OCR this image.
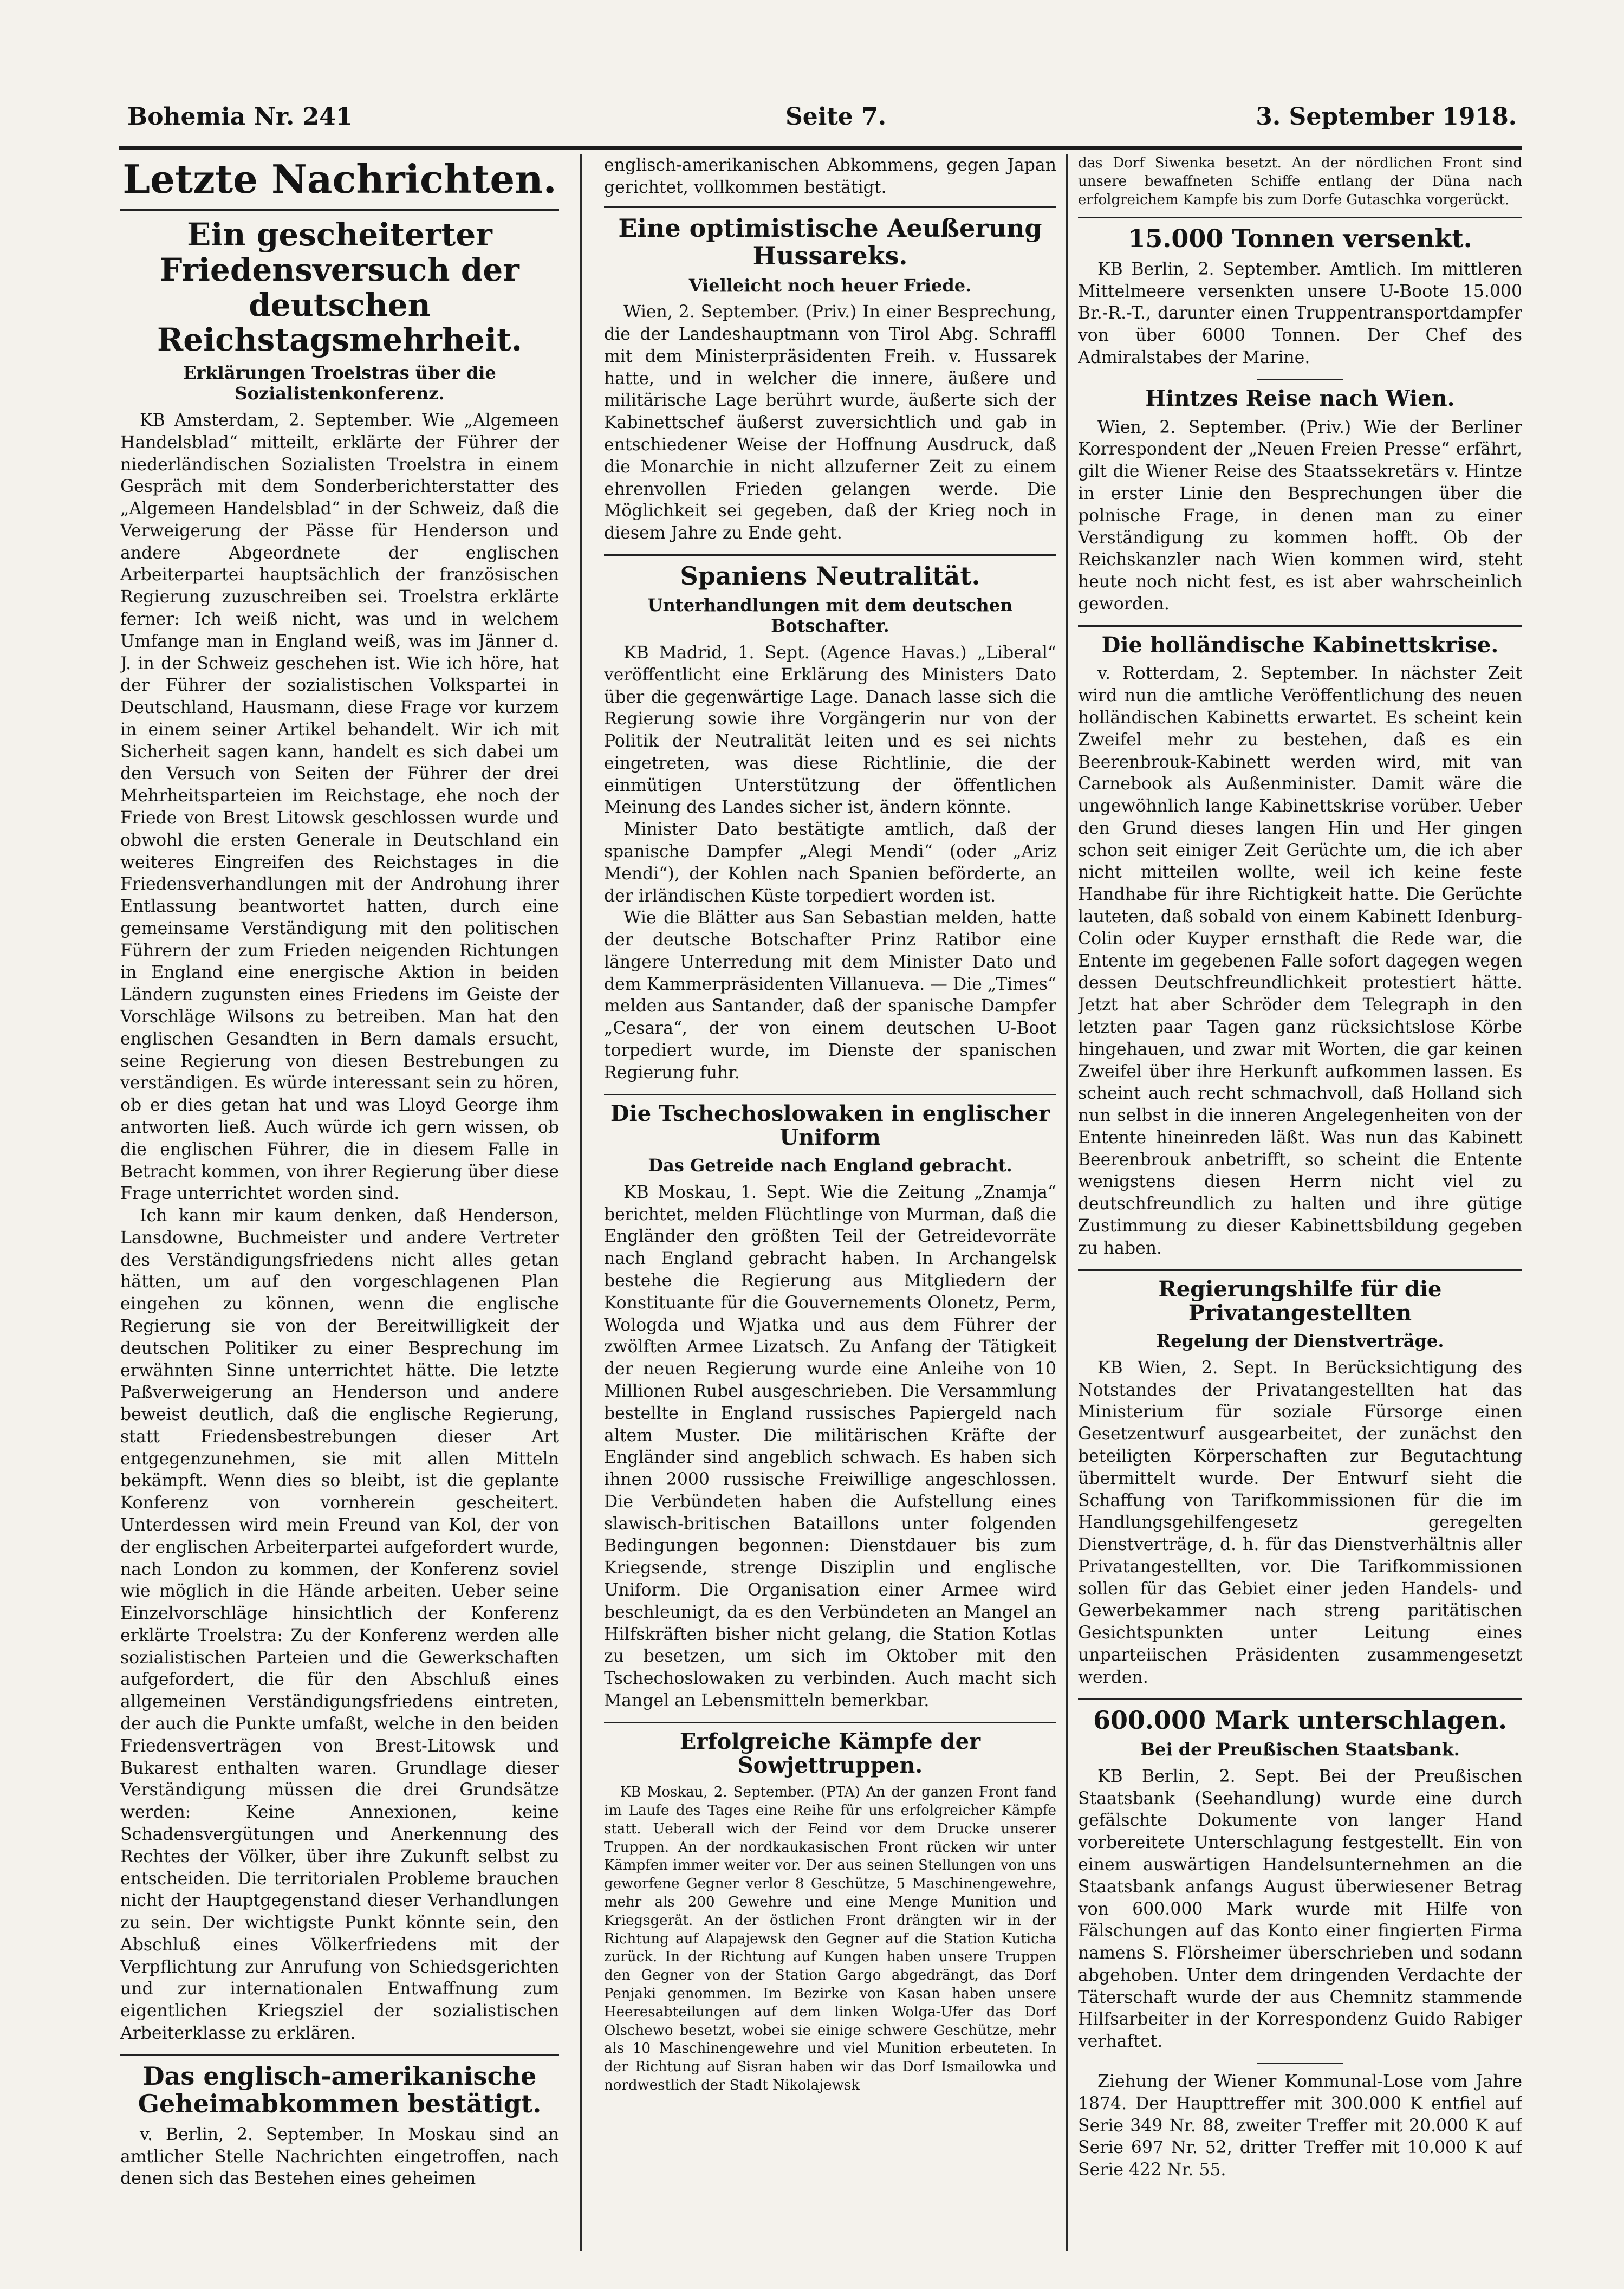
Bohemia Nr. 241	Seite 7.	3. September 1918.
Letzte Nachrichten.
Ein gescheiterter Friedensversuch der deutschen Reichstagsmehrheit.
Erklärungen Troelstras über die Sozialistenkonferenz.

KB Amsterdam, 2. September. Wie „Algemeen Handelsblad“ mitteilt, erklärte der Führer der niederländischen Sozialisten Troelstra in einem Gespräch mit dem Sonderberichterstatter des „Algemeen Handelsblad“ in der Schweiz, daß die Verweigerung der Pässe für Henderson und andere Abgeordnete der englischen Arbeiterpartei hauptsächlich der französischen Regierung zuzuschreiben sei. Troelstra erklärte ferner: Ich weiß nicht, was und in welchem Umfange man in England weiß, was im Jänner d. J. in der Schweiz geschehen ist. Wie ich höre, hat der Führer der sozialistischen Volkspartei in Deutschland, Hausmann, diese Frage vor kurzem in einem seiner Artikel behandelt. Wir ich mit Sicherheit sagen kann, handelt es sich dabei um den Versuch von Seiten der Führer der drei Mehrheitsparteien im Reichstage, ehe noch der Friede von Brest Litowsk geschlossen wurde und obwohl die ersten Generale in Deutschland ein weiteres Eingreifen des Reichstages in die Friedensverhandlungen mit der Androhung ihrer Entlassung beantwortet hatten, durch eine gemeinsame Verständigung mit den politischen Führern der zum Frieden neigenden Richtungen in England eine energische Aktion in beiden Ländern zugunsten eines Friedens im Geiste der Vorschläge Wilsons zu betreiben. Man hat den englischen Gesandten in Bern damals ersucht, seine Regierung von diesen Bestrebungen zu verständigen. Es würde interessant sein zu hören, ob er dies getan hat und was Lloyd George ihm antworten ließ. Auch würde ich gern wissen, ob die englischen Führer, die in diesem Falle in Betracht kommen, von ihrer Regierung über diese Frage unterrichtet worden sind.

Ich kann mir kaum denken, daß Henderson, Lansdowne, Buchmeister und andere Vertreter des Verständigungsfriedens nicht alles getan hätten, um auf den vorgeschlagenen Plan eingehen zu können, wenn die englische Regierung sie von der Bereitwilligkeit der deutschen Politiker zu einer Besprechung im erwähnten Sinne unterrichtet hätte. Die letzte Paßverweigerung an Henderson und andere beweist deutlich, daß die englische Regierung, statt Friedensbestrebungen dieser Art entgegenzunehmen, sie mit allen Mitteln bekämpft. Wenn dies so bleibt, ist die geplante Konferenz von vornherein gescheitert. Unterdessen wird mein Freund van Kol, der von der englischen Arbeiterpartei aufgefordert wurde, nach London zu kommen, der Konferenz soviel wie möglich in die Hände arbeiten. Ueber seine Einzelvorschläge hinsichtlich der Konferenz erklärte Troelstra: Zu der Konferenz werden alle sozialistischen Parteien und die Gewerkschaften aufgefordert, die für den Abschluß eines allgemeinen Verständigungsfriedens eintreten, der auch die Punkte umfaßt, welche in den beiden Friedensverträgen von Brest-Litowsk und Bukarest enthalten waren. Grundlage dieser Verständigung müssen die drei Grundsätze werden: Keine Annexionen, keine Schadensvergütungen und Anerkennung des Rechtes der Völker, über ihre Zukunft selbst zu entscheiden. Die territorialen Probleme brauchen nicht der Hauptgegenstand dieser Verhandlungen zu sein. Der wichtigste Punkt könnte sein, den Abschluß eines Völkerfriedens mit der Verpflichtung zur Anrufung von Schiedsgerichten und zur internationalen Entwaffnung zum eigentlichen Kriegsziel der sozialistischen Arbeiterklasse zu erklären.

Das englisch-amerikanische Geheimabkommen bestätigt.

v. Berlin, 2. September. In Moskau sind an amtlicher Stelle Nachrichten eingetroffen, nach denen sich das Bestehen eines geheimen

englisch-amerikanischen Abkommens, gegen Japan gerichtet, vollkommen bestätigt.

Eine optimistische Aeußerung Hussareks.
Vielleicht noch heuer Friede.

Wien, 2. September. (Priv.) In einer Besprechung, die der Landeshauptmann von Tirol Abg. Schraffl mit dem Ministerpräsidenten Freih. v. Hussarek hatte, und in welcher die innere, äußere und militärische Lage berührt wurde, äußerte sich der Kabinettschef äußerst zuversichtlich und gab in entschiedener Weise der Hoffnung Ausdruck, daß die Monarchie in nicht allzuferner Zeit zu einem ehrenvollen Frieden gelangen werde. Die Möglichkeit sei gegeben, daß der Krieg noch in diesem Jahre zu Ende geht.

Spaniens Neutralität.
Unterhandlungen mit dem deutschen Botschafter.

KB Madrid, 1. Sept. (Agence Havas.) „Liberal“ veröffentlicht eine Erklärung des Ministers Dato über die gegenwärtige Lage. Danach lasse sich die Regierung sowie ihre Vorgängerin nur von der Politik der Neutralität leiten und es sei nichts eingetreten, was diese Richtlinie, die der einmütigen Unterstützung der öffentlichen Meinung des Landes sicher ist, ändern könnte.

Minister Dato bestätigte amtlich, daß der spanische Dampfer „Alegi Mendi“ (oder „Ariz Mendi“), der Kohlen nach Spanien beförderte, an der irländischen Küste torpediert worden ist.

Wie die Blätter aus San Sebastian melden, hatte der deutsche Botschafter Prinz Ratibor eine längere Unterredung mit dem Minister Dato und dem Kammerpräsidenten Villanueva. — Die „Times“ melden aus Santander, daß der spanische Dampfer „Cesara“, der von einem deutschen U-Boot torpediert wurde, im Dienste der spanischen Regierung fuhr.

Die Tschechoslowaken in englischer Uniform
Das Getreide nach England gebracht.

KB Moskau, 1. Sept. Wie die Zeitung „Znamja“ berichtet, melden Flüchtlinge von Murman, daß die Engländer den größten Teil der Getreidevorräte nach England gebracht haben. In Archangelsk bestehe die Regierung aus Mitgliedern der Konstituante für die Gouvernements Olonetz, Perm, Wologda und Wjatka und aus dem Führer der zwölften Armee Lizatsch. Zu Anfang der Tätigkeit der neuen Regierung wurde eine Anleihe von 10 Millionen Rubel ausgeschrieben. Die Versammlung bestellte in England russisches Papiergeld nach altem Muster. Die militärischen Kräfte der Engländer sind angeblich schwach. Es haben sich ihnen 2000 russische Freiwillige angeschlossen. Die Verbündeten haben die Aufstellung eines slawisch-britischen Bataillons unter folgenden Bedingungen begonnen: Dienstdauer bis zum Kriegsende, strenge Disziplin und englische Uniform. Die Organisation einer Armee wird beschleunigt, da es den Verbündeten an Mangel an Hilfskräften bisher nicht gelang, die Station Kotlas zu besetzen, um sich im Oktober mit den Tschechoslowaken zu verbinden. Auch macht sich Mangel an Lebensmitteln bemerkbar.

Erfolgreiche Kämpfe der Sowjettruppen.

KB Moskau, 2. September. (PTA) An der ganzen Front fand im Laufe des Tages eine Reihe für uns erfolgreicher Kämpfe statt. Ueberall wich der Feind vor dem Drucke unserer Truppen. An der nordkaukasischen Front rücken wir unter Kämpfen immer weiter vor. Der aus seinen Stellungen von uns geworfene Gegner verlor 8 Geschütze, 5 Maschinengewehre, mehr als 200 Gewehre und eine Menge Munition und Kriegsgerät. An der östlichen Front drängten wir in der Richtung auf Alapajewsk den Gegner auf die Station Kuticha zurück. In der Richtung auf Kungen haben unsere Truppen den Gegner von der Station Gargo abgedrängt, das Dorf Penjaki genommen. Im Bezirke von Kasan haben unsere Heeresabteilungen auf dem linken Wolga-Ufer das Dorf Olschewo besetzt, wobei sie einige schwere Geschütze, mehr als 10 Maschinengewehre und viel Munition erbeuteten. In der Richtung auf Sisran haben wir das Dorf Ismailowka und nordwestlich der Stadt Nikolajewsk

das Dorf Siwenka besetzt. An der nördlichen Front sind unsere bewaffneten Schiffe entlang der Düna nach erfolgreichem Kampfe bis zum Dorfe Gutaschka vorgerückt.

15.000 Tonnen versenkt.

KB Berlin, 2. September. Amtlich. Im mittleren Mittelmeere versenkten unsere U-Boote 15.000 Br.-R.-T., darunter einen Truppentransportdampfer von über 6000 Tonnen. Der Chef des Admiralstabes der Marine.

Hintzes Reise nach Wien.

Wien, 2. September. (Priv.) Wie der Berliner Korrespondent der „Neuen Freien Presse“ erfährt, gilt die Wiener Reise des Staatssekretärs v. Hintze in erster Linie den Besprechungen über die polnische Frage, in denen man zu einer Verständigung zu kommen hofft. Ob der Reichskanzler nach Wien kommen wird, steht heute noch nicht fest, es ist aber wahrscheinlich geworden.

Die holländische Kabinettskrise.

v. Rotterdam, 2. September. In nächster Zeit wird nun die amtliche Veröffentlichung des neuen holländischen Kabinetts erwartet. Es scheint kein Zweifel mehr zu bestehen, daß es ein Beerenbrouk-Kabinett werden wird, mit van Carnebook als Außenminister. Damit wäre die ungewöhnlich lange Kabinettskrise vorüber. Ueber den Grund dieses langen Hin und Her gingen schon seit einiger Zeit Gerüchte um, die ich aber nicht mitteilen wollte, weil ich keine feste Handhabe für ihre Richtigkeit hatte. Die Gerüchte lauteten, daß sobald von einem Kabinett Idenburg-Colin oder Kuyper ernsthaft die Rede war, die Entente im gegebenen Falle sofort dagegen wegen dessen Deutschfreundlichkeit protestiert hätte. Jetzt hat aber Schröder dem Telegraph in den letzten paar Tagen ganz rücksichtslose Körbe hingehauen, und zwar mit Worten, die gar keinen Zweifel über ihre Herkunft aufkommen lassen. Es scheint auch recht schmachvoll, daß Holland sich nun selbst in die inneren Angelegenheiten von der Entente hineinreden läßt. Was nun das Kabinett Beerenbrouk anbetrifft, so scheint die Entente wenigstens diesen Herrn nicht viel zu deutschfreundlich zu halten und ihre gütige Zustimmung zu dieser Kabinettsbildung gegeben zu haben.

Regierungshilfe für die Privatangestellten
Regelung der Dienstverträge.

KB Wien, 2. Sept. In Berücksichtigung des Notstandes der Privatangestellten hat das Ministerium für soziale Fürsorge einen Gesetzentwurf ausgearbeitet, der zunächst den beteiligten Körperschaften zur Begutachtung übermittelt wurde. Der Entwurf sieht die Schaffung von Tarifkommissionen für die im Handlungsgehilfengesetz geregelten Dienstverträge, d. h. für das Dienstverhältnis aller Privatangestellten, vor. Die Tarifkommissionen sollen für das Gebiet einer jeden Handels- und Gewerbekammer nach streng paritätischen Gesichtspunkten unter Leitung eines unparteiischen Präsidenten zusammengesetzt werden.

600.000 Mark unterschlagen.
Bei der Preußischen Staatsbank.

KB Berlin, 2. Sept. Bei der Preußischen Staatsbank (Seehandlung) wurde eine durch gefälschte Dokumente von langer Hand vorbereitete Unterschlagung festgestellt. Ein von einem auswärtigen Handelsunternehmen an die Staatsbank anfangs August überwiesener Betrag von 600.000 Mark wurde mit Hilfe von Fälschungen auf das Konto einer fingierten Firma namens S. Flörsheimer überschrieben und sodann abgehoben. Unter dem dringenden Verdachte der Täterschaft wurde der aus Chemnitz stammende Hilfsarbeiter in der Korrespondenz Guido Rabiger verhaftet.

Ziehung der Wiener Kommunal-Lose vom Jahre 1874. Der Haupttreffer mit 300.000 K entfiel auf Serie 349 Nr. 88, zweiter Treffer mit 20.000 K auf Serie 697 Nr. 52, dritter Treffer mit 10.000 K auf Serie 422 Nr. 55.
